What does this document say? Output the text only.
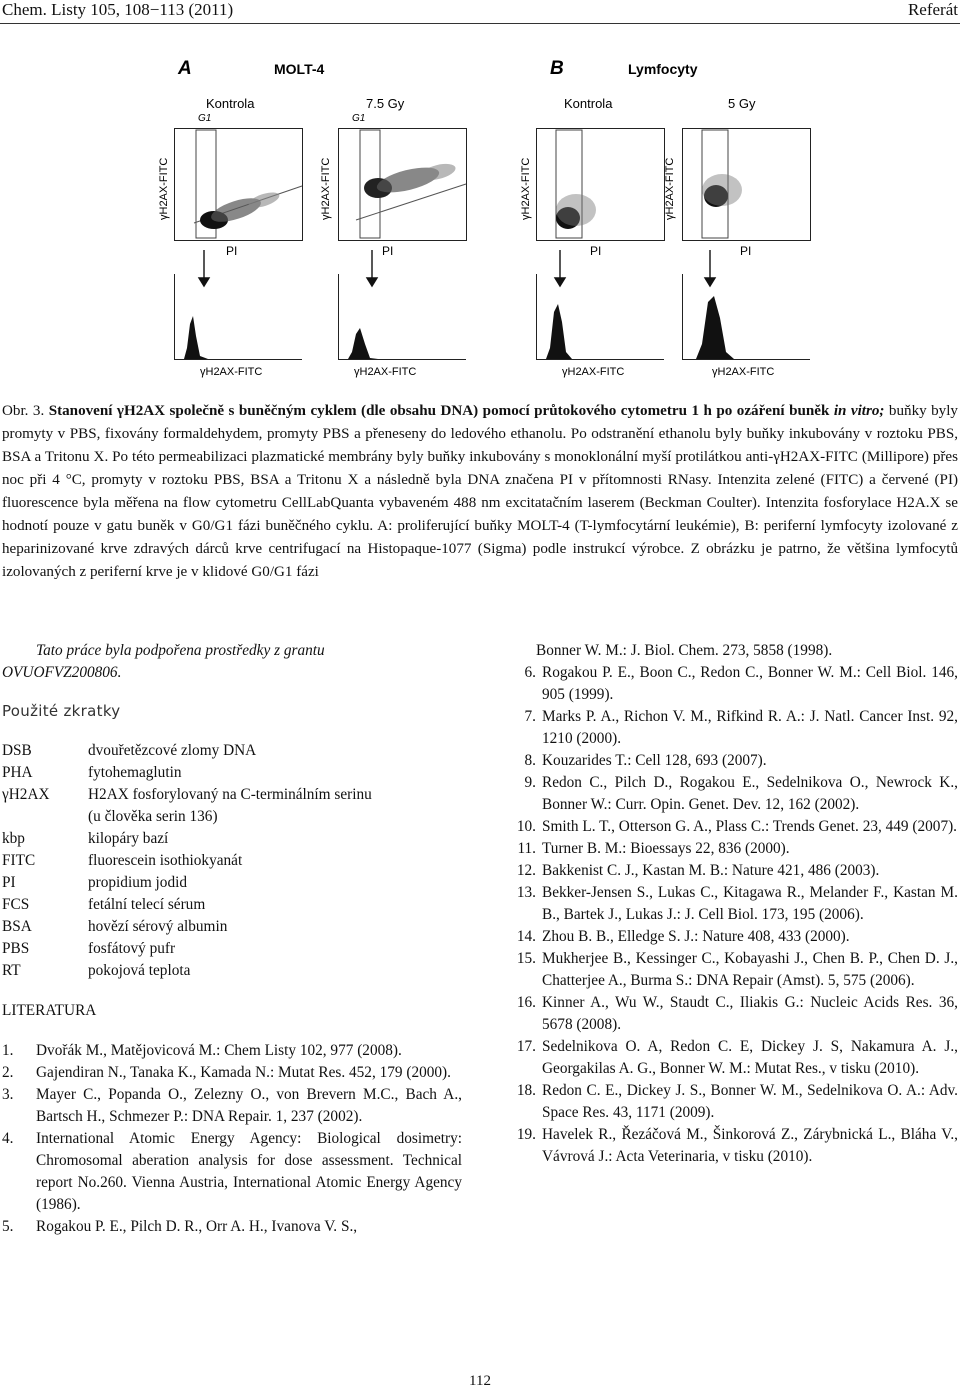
Chem. Listy 105, 108−113 (2011)	Referát
A	MOLT-4	B	Lymfocyty
Kontrola	7.5 Gy	Kontrola	5 Gy
G1	G1
γH2AX-FITC	γH2AX-FITC	γH2AX-FITC	γH2AX-FITC
PI	PI	PI	PI
γH2AX-FITC	γH2AX-FITC	γH2AX-FITC	γH2AX-FITC
Obr. 3. Stanovení γH2AX společně s buněčným cyklem (dle obsahu DNA) pomocí průtokového cytometru 1 h po ozáření buněk in vitro; buňky byly promyty v PBS, fixovány formaldehydem, promyty PBS a přeneseny do ledového ethanolu. Po odstranění ethanolu byly buňky inkubovány v roztoku PBS, BSA a Tritonu X. Po této permeabilizaci plazmatické membrány byly buňky inkubovány s monoklonální myší protilátkou anti-γH2AX-FITC (Millipore) přes noc při 4 °C, promyty v roztoku PBS, BSA a Tritonu X a následně byla DNA značena PI v přítomnosti RNasy. Intenzita zelené (FITC) a červené (PI) fluorescence byla měřena na flow cytometru CellLabQuanta vybaveném 488 nm excitatačním laserem (Beckman Coulter). Intenzita fosforylace H2A.X se hodnotí pouze v gatu buněk v G0/G1 fázi buněčného cyklu. A: proliferující buňky MOLT-4 (T-lymfocytární leukémie), B: periferní lymfocyty izolované z heparinizované krve zdravých dárců krve centrifugací na Histopaque-1077 (Sigma) podle instrukcí výrobce. Z obrázku je patrno, že většina lymfocytů izolovaných z periferní krve je v klidové G0/G1 fázi
Tato práce byla podpořena prostředky z grantu
OVUOFVZ200806.
Použité zkratky
DSB	dvouřetězcové zlomy DNA
PHA	fytohemaglutin
γH2AX	H2AX fosforylovaný na C-terminálním serinu
(u člověka serin 136)
kbp	kilopáry bazí
FITC	fluorescein isothiokyanát
PI	propidium jodid
FCS	fetální telecí sérum
BSA	hovězí sérový albumin
PBS	fosfátový pufr
RT	pokojová teplota
LITERATURA
1.	Dvořák M., Matějovicová M.: Chem Listy 102, 977 (2008).
2.	Gajendiran N., Tanaka K., Kamada N.: Mutat Res. 452, 179 (2000).
3.	Mayer C., Popanda O., Zelezny O., von Brevern M.C., Bach A., Bartsch H., Schmezer P.: DNA Repair. 1, 237 (2002).
4.	International Atomic Energy Agency: Biological dosimetry: Chromosomal aberation analysis for dose assessment. Technical report No.260. Vienna Austria, International Atomic Energy Agency (1986).
5.	Rogakou P. E., Pilch D. R., Orr A. H., Ivanova V. S.,
Bonner W. M.: J. Biol. Chem. 273, 5858 (1998).
6. Rogakou P. E., Boon C., Redon C., Bonner W. M.: Cell Biol. 146, 905 (1999).
7. Marks P. A., Richon V. M., Rifkind R. A.: J. Natl. Cancer Inst. 92, 1210 (2000).
8. Kouzarides T.: Cell 128, 693 (2007).
9. Redon C., Pilch D., Rogakou E., Sedelnikova O., Newrock K., Bonner W.: Curr. Opin. Genet. Dev. 12, 162 (2002).
10. Smith L. T., Otterson G. A., Plass C.: Trends Genet. 23, 449 (2007).
11. Turner B. M.: Bioessays 22, 836 (2000).
12. Bakkenist C. J., Kastan M. B.: Nature 421, 486 (2003).
13. Bekker-Jensen S., Lukas C., Kitagawa R., Melander F., Kastan M. B., Bartek J., Lukas J.: J. Cell Biol. 173, 195 (2006).
14. Zhou B. B., Elledge S. J.: Nature 408, 433 (2000).
15. Mukherjee B., Kessinger C., Kobayashi J., Chen B. P., Chen D. J., Chatterjee A., Burma S.: DNA Repair (Amst). 5, 575 (2006).
16. Kinner A., Wu W., Staudt C., Iliakis G.: Nucleic Acids Res. 36, 5678 (2008).
17. Sedelnikova O. A, Redon C. E, Dickey J. S, Nakamura A. J., Georgakilas A. G., Bonner W. M.: Mutat Res., v tisku (2010).
18. Redon C. E., Dickey J. S., Bonner W. M., Sedelnikova O. A.: Adv. Space Res. 43, 1171 (2009).
19. Havelek R., Řezáčová M., Šinkorová Z., Zárybnická L., Bláha V., Vávrová J.: Acta Veterinaria, v tisku (2010).
112
